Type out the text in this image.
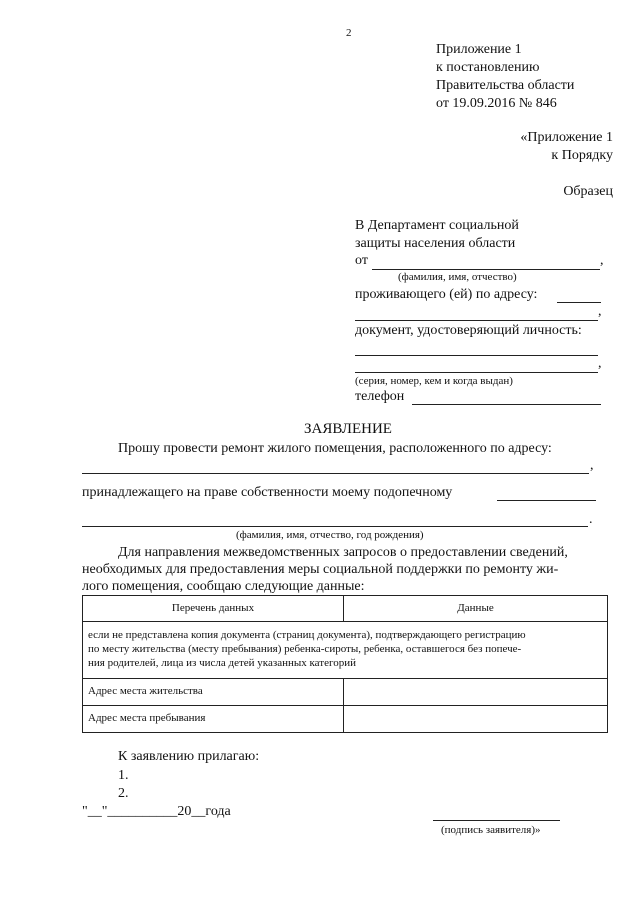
2
Приложение 1
к постановлению
Правительства области
от 19.09.2016 № 846
«Приложение 1
к Порядку
Образец
В Департамент социальной
защиты населения области
от	,
(фамилия, имя, отчество)
проживающего (ей) по адресу:
,
документ, удостоверяющий личность:
,
(серия, номер, кем и когда выдан)
телефон
ЗАЯВЛЕНИЕ
Прошу провести ремонт жилого помещения, расположенного по адресу:
,
принадлежащего на праве собственности моему подопечному
.
(фамилия, имя, отчество, год рождения)
Для направления межведомственных запросов о предоставлении сведений,
необходимых для предоставления меры социальной поддержки по ремонту жи-
лого помещения, сообщаю следующие данные:
Перечень данных	Данные

если не представлена копия документа (страниц документа), подтверждающего регистрацию
по месту жительства (месту пребывания) ребенка-сироты, ребенка, оставшегося без попече-
ния родителей, лица из числа детей указанных категорий	

Адрес места жительства	
Адрес места пребывания	
К заявлению прилагаю:
1.
2.
"__"__________20__года
(подпись заявителя)»
